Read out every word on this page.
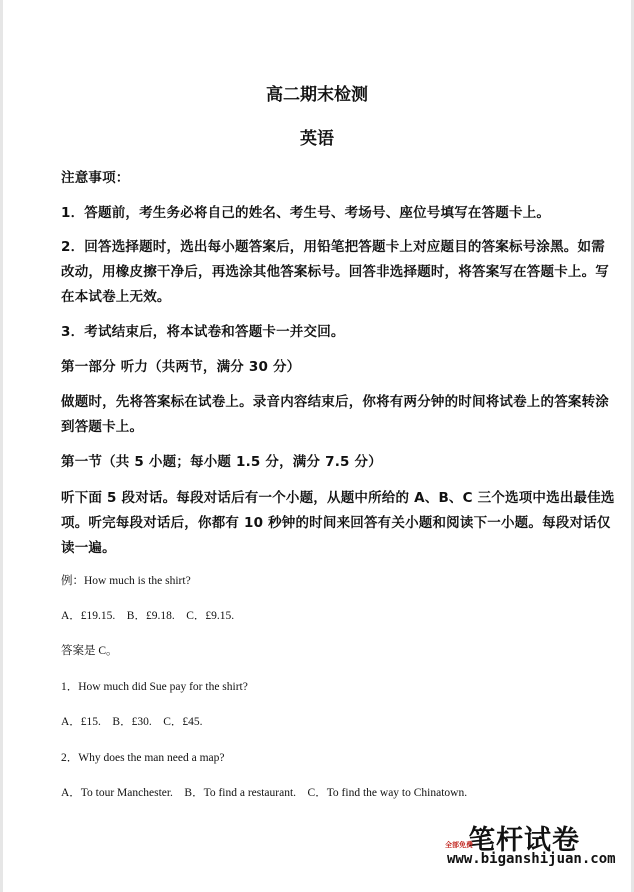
高二期末检测
英语
注意事项：
1．答题前，考生务必将自己的姓名、考生号、考场号、座位号填写在答题卡上。
2．回答选择题时，选出每小题答案后，用铅笔把答题卡上对应题目的答案标号涂黑。如需
改动，用橡皮擦干净后，再选涂其他答案标号。回答非选择题时，将答案写在答题卡上。写
在本试卷上无效。
3．考试结束后，将本试卷和答题卡一并交回。
第一部分 听力（共两节，满分 30 分）
做题时，先将答案标在试卷上。录音内容结束后，你将有两分钟的时间将试卷上的答案转涂
到答题卡上。
第一节（共 5 小题；每小题 1.5 分，满分 7.5 分）
听下面 5 段对话。每段对话后有一个小题，从题中所给的 A、B、C 三个选项中选出最佳选
项。听完每段对话后，你都有 10 秒钟的时间来回答有关小题和阅读下一小题。每段对话仅
读一遍。
例：How much is the shirt?
A．£19.15.    B．£9.18.    C．£9.15.
答案是 C。
1．How much did Sue pay for the shirt?
A．£15.    B．£30.    C．£45.
2．Why does the man need a map?
A．To tour Manchester.    B．To find a restaurant.    C．To find the way to Chinatown.
笔杆试卷
全部免费
www.biganshijuan.com
